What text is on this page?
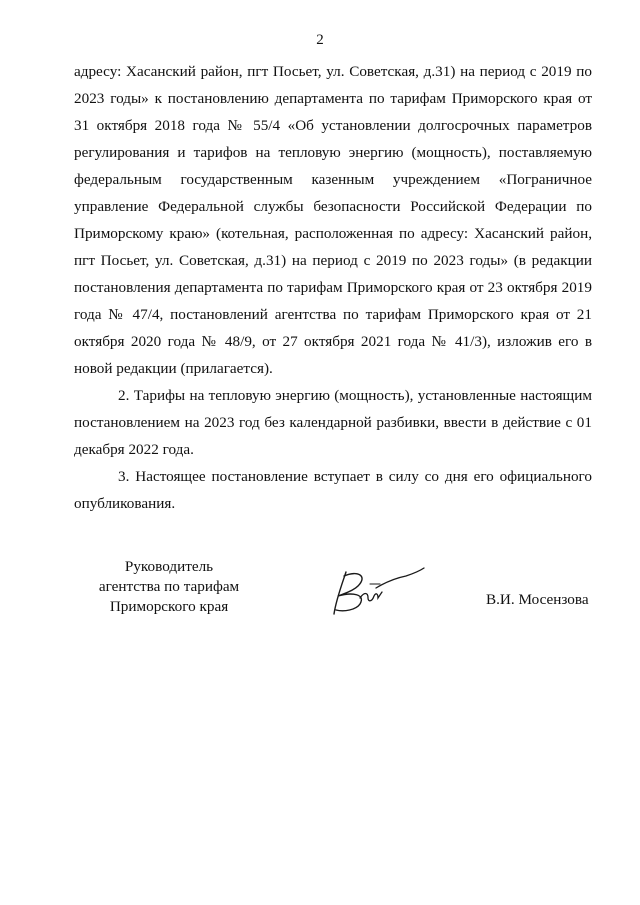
2

адресу: Хасанский район, пгт Посьет, ул. Советская, д.31) на период с 2019 по 2023 годы» к постановлению департамента по тарифам Приморского края от 31 октября 2018 года № 55/4 «Об установлении долгосрочных параметров регулирования и тарифов на тепловую энергию (мощность), поставляемую федеральным государственным казенным учреждением «Пограничное управление Федеральной службы безопасности Российской Федерации по Приморскому краю» (котельная, расположенная по адресу: Хасанский район, пгт Посьет, ул. Советская, д.31) на период с 2019 по 2023 годы» (в редакции постановления департамента по тарифам Приморского края от 23 октября 2019 года № 47/4, постановлений агентства по тарифам Приморского края от 21 октября 2020 года № 48/9, от 27 октября 2021 года № 41/3), изложив его в новой редакции (прилагается).

2. Тарифы на тепловую энергию (мощность), установленные настоящим постановлением на 2023 год без календарной разбивки, ввести в действие с 01 декабря 2022 года.

3. Настоящее постановление вступает в силу со дня его официального опубликования.

Руководитель
агентства по тарифам
Приморского края	В.И. Мосензова
